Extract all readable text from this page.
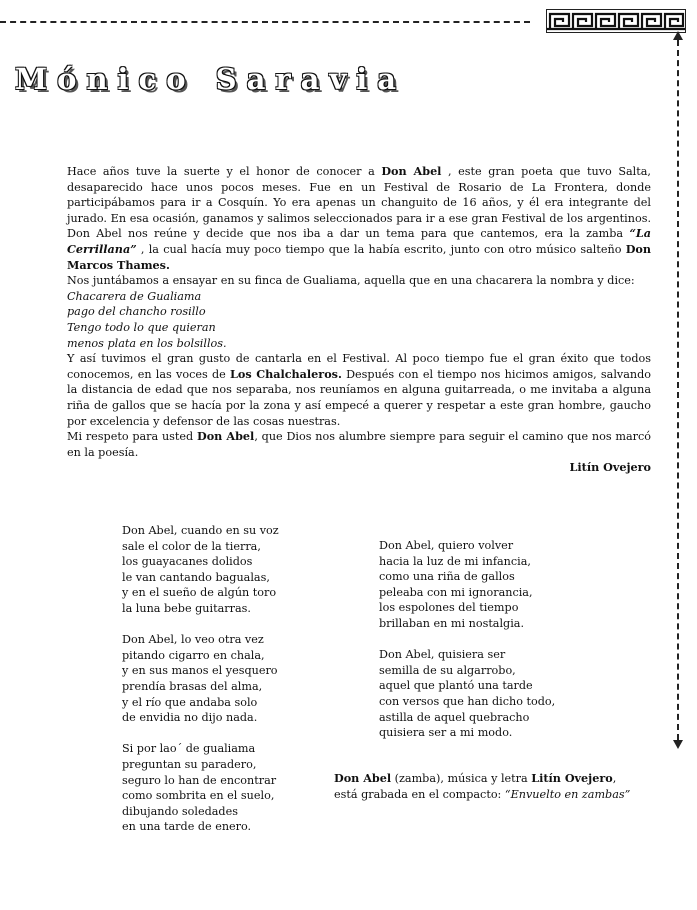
Mónico Saravia

Hace años tuve la suerte y el honor de conocer a Don Abel , este gran poeta que tuvo Salta, desaparecido hace unos pocos meses. Fue en un Festival de Rosario de La Frontera, donde participábamos para ir a Cosquín. Yo era apenas un changuito de 16 años, y él era integrante del jurado. En esa ocasión, ganamos y salimos seleccionados para ir a ese gran Festival de los argentinos. Don Abel nos reúne y decide que nos iba a dar un tema para que cantemos, era la zamba “La Cerrillana” , la cual hacía muy poco tiempo que la había escrito, junto con otro músico salteño Don Marcos Thames.

Nos juntábamos a ensayar en su finca de Gualiama, aquella que en una chacarera la nombra y dice:

Chacarera de Gualiama
pago del chancho rosillo
Tengo todo lo que quieran
menos plata en los bolsillos.

Y así tuvimos el gran gusto de cantarla en el Festival. Al poco tiempo fue el gran éxito que todos conocemos, en las voces de Los Chalchaleros. Después con el tiempo nos hicimos amigos, salvando la distancia de edad que nos separaba, nos reuníamos en alguna guitarreada, o me invitaba a alguna riña de gallos que se hacía por la zona y así empecé a querer y respetar a este gran hombre, gaucho por excelencia y defensor de las cosas nuestras.

Mi respeto para usted Don Abel, que Dios nos alumbre siempre para seguir el camino que nos marcó en la poesía.

Litín Ovejero
Don Abel, cuando en su voz
sale el color de la tierra,
los guayacanes dolidos
le van cantando bagualas,
y en el sueño de algún toro
la luna bebe guitarras.
Don Abel, lo veo otra vez
pitando cigarro en chala,
y en sus manos el yesquero
prendía brasas del alma,
y el río que andaba solo
de envidia no dijo nada.
Si por lao´ de gualiama
preguntan su paradero,
seguro lo han de encontrar
como sombrita en el suelo,
dibujando soledades
en una tarde de enero.
Don Abel, quiero volver
hacia la luz de mi infancia,
como una riña de gallos
peleaba con mi ignorancia,
los espolones del tiempo
brillaban en mi nostalgia.
Don Abel, quisiera ser
semilla de su algarrobo,
aquel que plantó una tarde
con versos que han dicho todo,
astilla de aquel quebracho
quisiera ser a mi modo.
Don Abel (zamba), música y letra Litín Ovejero,
está grabada en el compacto: “Envuelto en zambas”
